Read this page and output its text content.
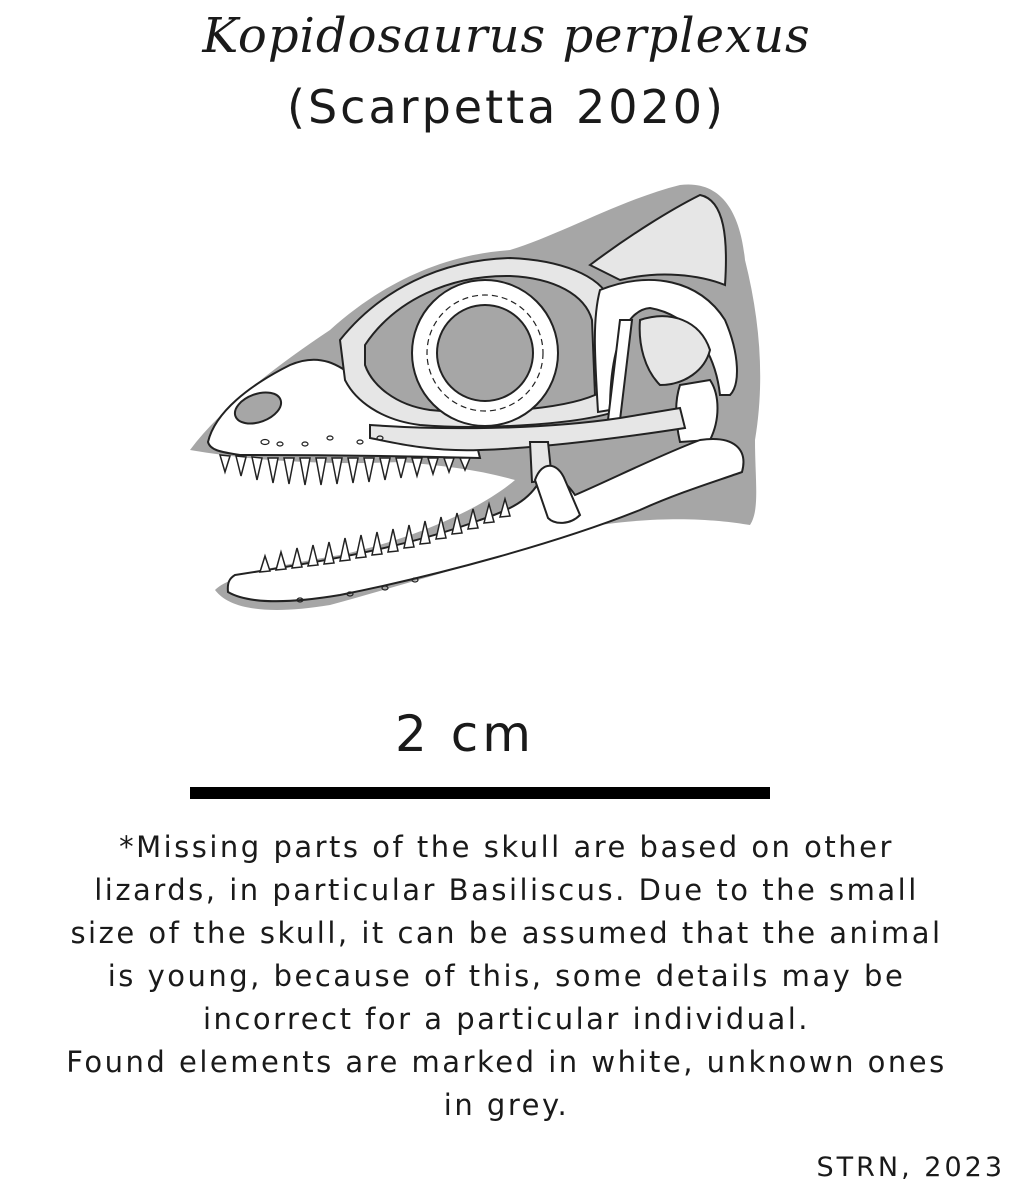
Kopidosaurus perplexus
(Scarpetta 2020)
2 cm
*Missing parts of the skull are based on other
lizards, in particular Basiliscus. Due to the small
size of the skull, it can be assumed that the animal
is young, because of this, some details may be
incorrect for a particular individual.
Found elements are marked in white, unknown ones
in grey.
STRN, 2023
